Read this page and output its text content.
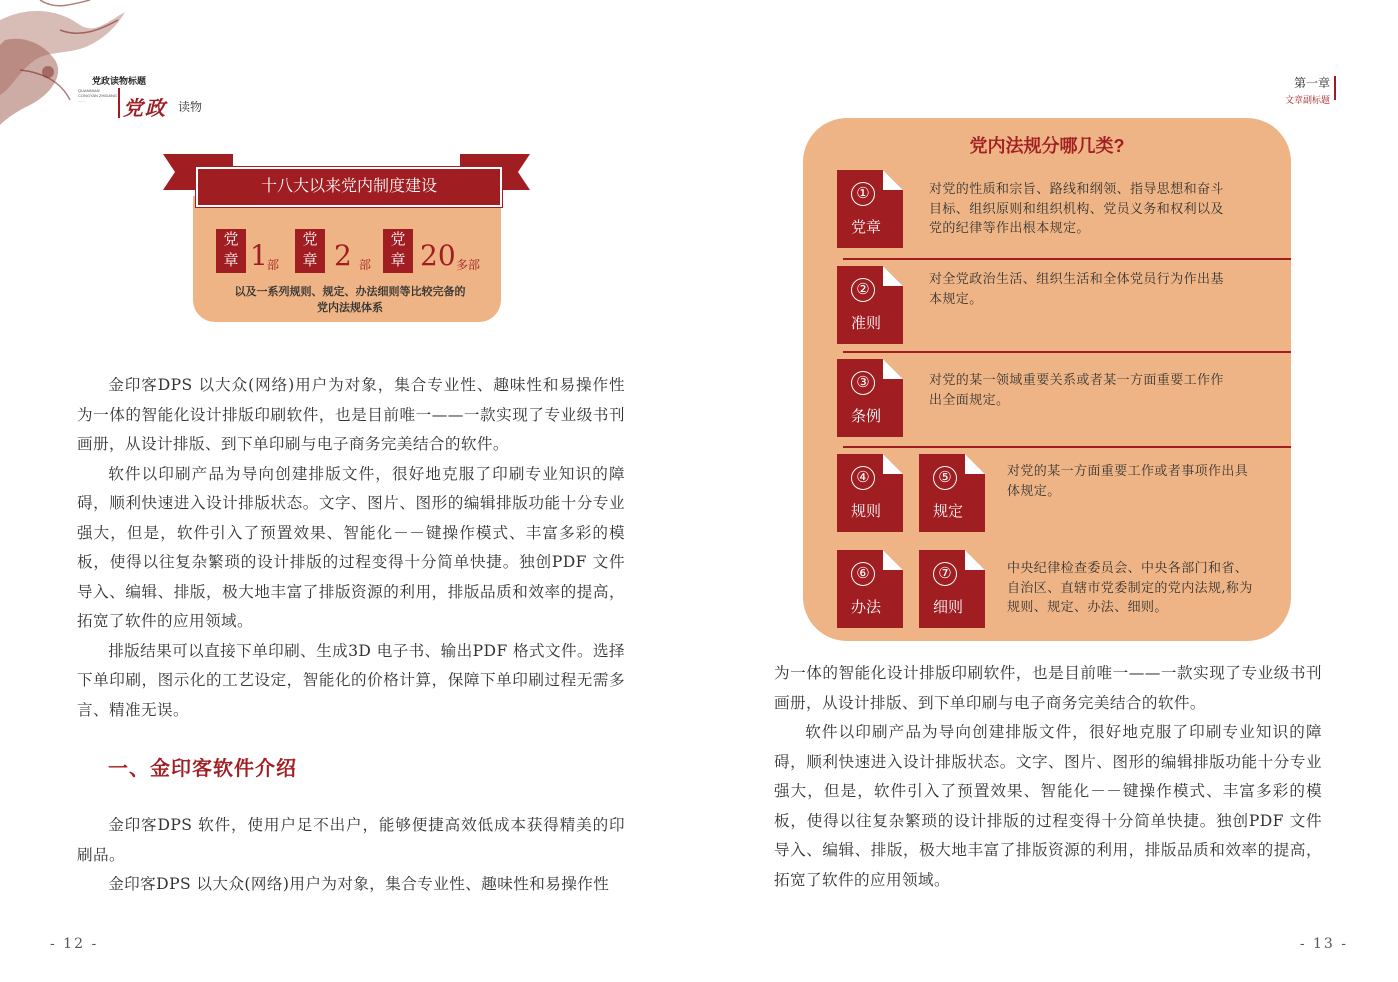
党政读物标题
QUANMIAN
CONGYAN ZHIDANG
...... 党政 读物
十八大以来党内制度建设
党
章 1 部
党
章 2 部
党
章 20 多部
以及一系列规则、规定、办法细则等比较完备的
党内法规体系

金印客DPS 以大众(网络)用户为对象，集合专业性、趣味性和易操作性为一体的智能化设计排版印刷软件，也是目前唯一——一款实现了专业级书刊画册，从设计排版、到下单印刷与电子商务完美结合的软件。

软件以印刷产品为导向创建排版文件，很好地克服了印刷专业知识的障碍，顺利快速进入设计排版状态。文字、图片、图形的编辑排版功能十分专业强大，但是，软件引入了预置效果、智能化－－键操作模式、丰富多彩的模板，使得以往复杂繁琐的设计排版的过程变得十分简单快捷。独创PDF 文件导入、编辑、排版，极大地丰富了排版资源的利用，排版品质和效率的提高，拓宽了软件的应用领域。

排版结果可以直接下单印刷、生成3D 电子书、输出PDF 格式文件。选择下单印刷，图示化的工艺设定，智能化的价格计算，保障下单印刷过程无需多言、精准无误。

一、金印客软件介绍

金印客DPS 软件，使用户足不出户，能够便捷高效低成本获得精美的印刷品。

金印客DPS 以大众(网络)用户为对象，集合专业性、趣味性和易操作性

- 12 -
第一章
文章副标题
党内法规分哪几类?
①
党章
对党的性质和宗旨、路线和纲领、指导思想和奋斗目标、组织原则和组织机构、党员义务和权利以及党的纪律等作出根本规定。
②
准则
对全党政治生活、组织生活和全体党员行为作出基本规定。
③
条例
对党的某一领域重要关系或者某一方面重要工作作出全面规定。
④
规则
⑤
规定
对党的某一方面重要工作或者事项作出具体规定。
⑥
办法
⑦
细则
中央纪律检查委员会、中央各部门和省、自治区、直辖市党委制定的党内法规,称为规则、规定、办法、细则。

为一体的智能化设计排版印刷软件，也是目前唯一——一款实现了专业级书刊画册，从设计排版、到下单印刷与电子商务完美结合的软件。

软件以印刷产品为导向创建排版文件，很好地克服了印刷专业知识的障碍，顺利快速进入设计排版状态。文字、图片、图形的编辑排版功能十分专业强大，但是，软件引入了预置效果、智能化－－键操作模式、丰富多彩的模板，使得以往复杂繁琐的设计排版的过程变得十分简单快捷。独创PDF 文件导入、编辑、排版，极大地丰富了排版资源的利用，排版品质和效率的提高，拓宽了软件的应用领域。

- 13 -
